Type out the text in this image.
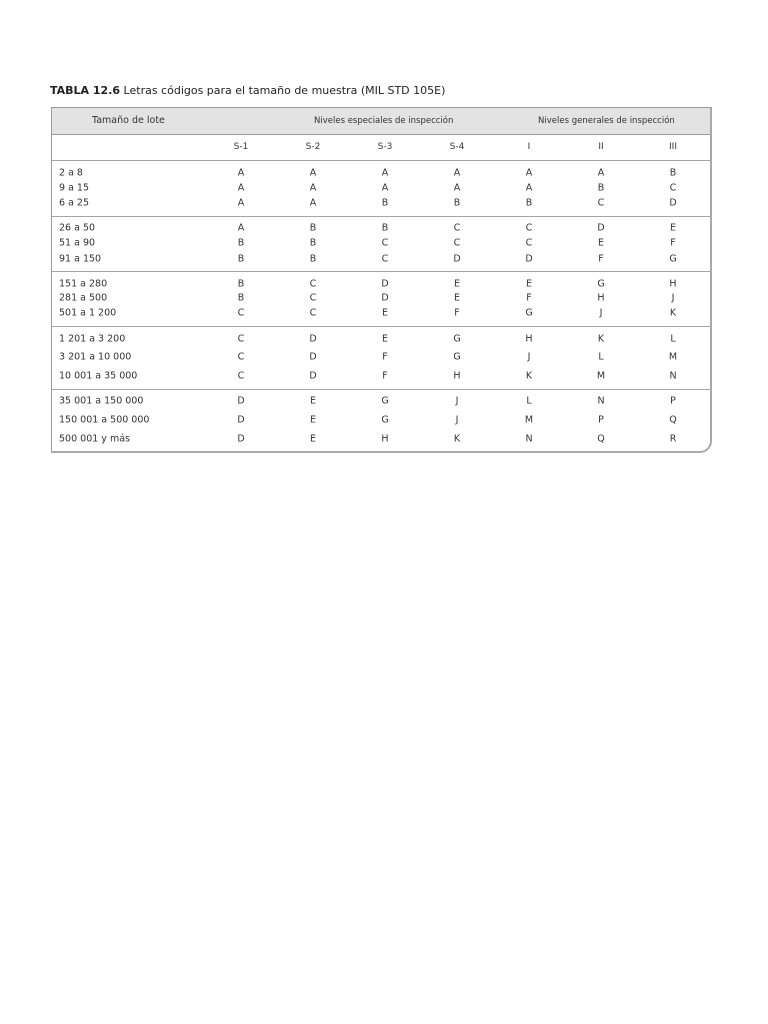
TABLA 12.6 Letras códigos para el tamaño de muestra (MIL STD 105E)
Tamaño de lote	Niveles especiales de inspección	Niveles generales de inspección
S-1	S-2	S-3	S-4	I	II	III
2 a 8	A	A	A	A	A	A	B
9 a 15	A	A	A	A	A	B	C
6 a 25	A	A	B	B	B	C	D
26 a 50	A	B	B	C	C	D	E
51 a 90	B	B	C	C	C	E	F
91 a 150	B	B	C	D	D	F	G
151 a 280	B	C	D	E	E	G	H
281 a 500	B	C	D	E	F	H	J
501 a 1 200	C	C	E	F	G	J	K
1 201 a 3 200	C	D	E	G	H	K	L
3 201 a 10 000	C	D	F	G	J	L	M
10 001 a 35 000	C	D	F	H	K	M	N
35 001 a 150 000	D	E	G	J	L	N	P
150 001 a 500 000	D	E	G	J	M	P	Q
500 001 y más	D	E	H	K	N	Q	R
